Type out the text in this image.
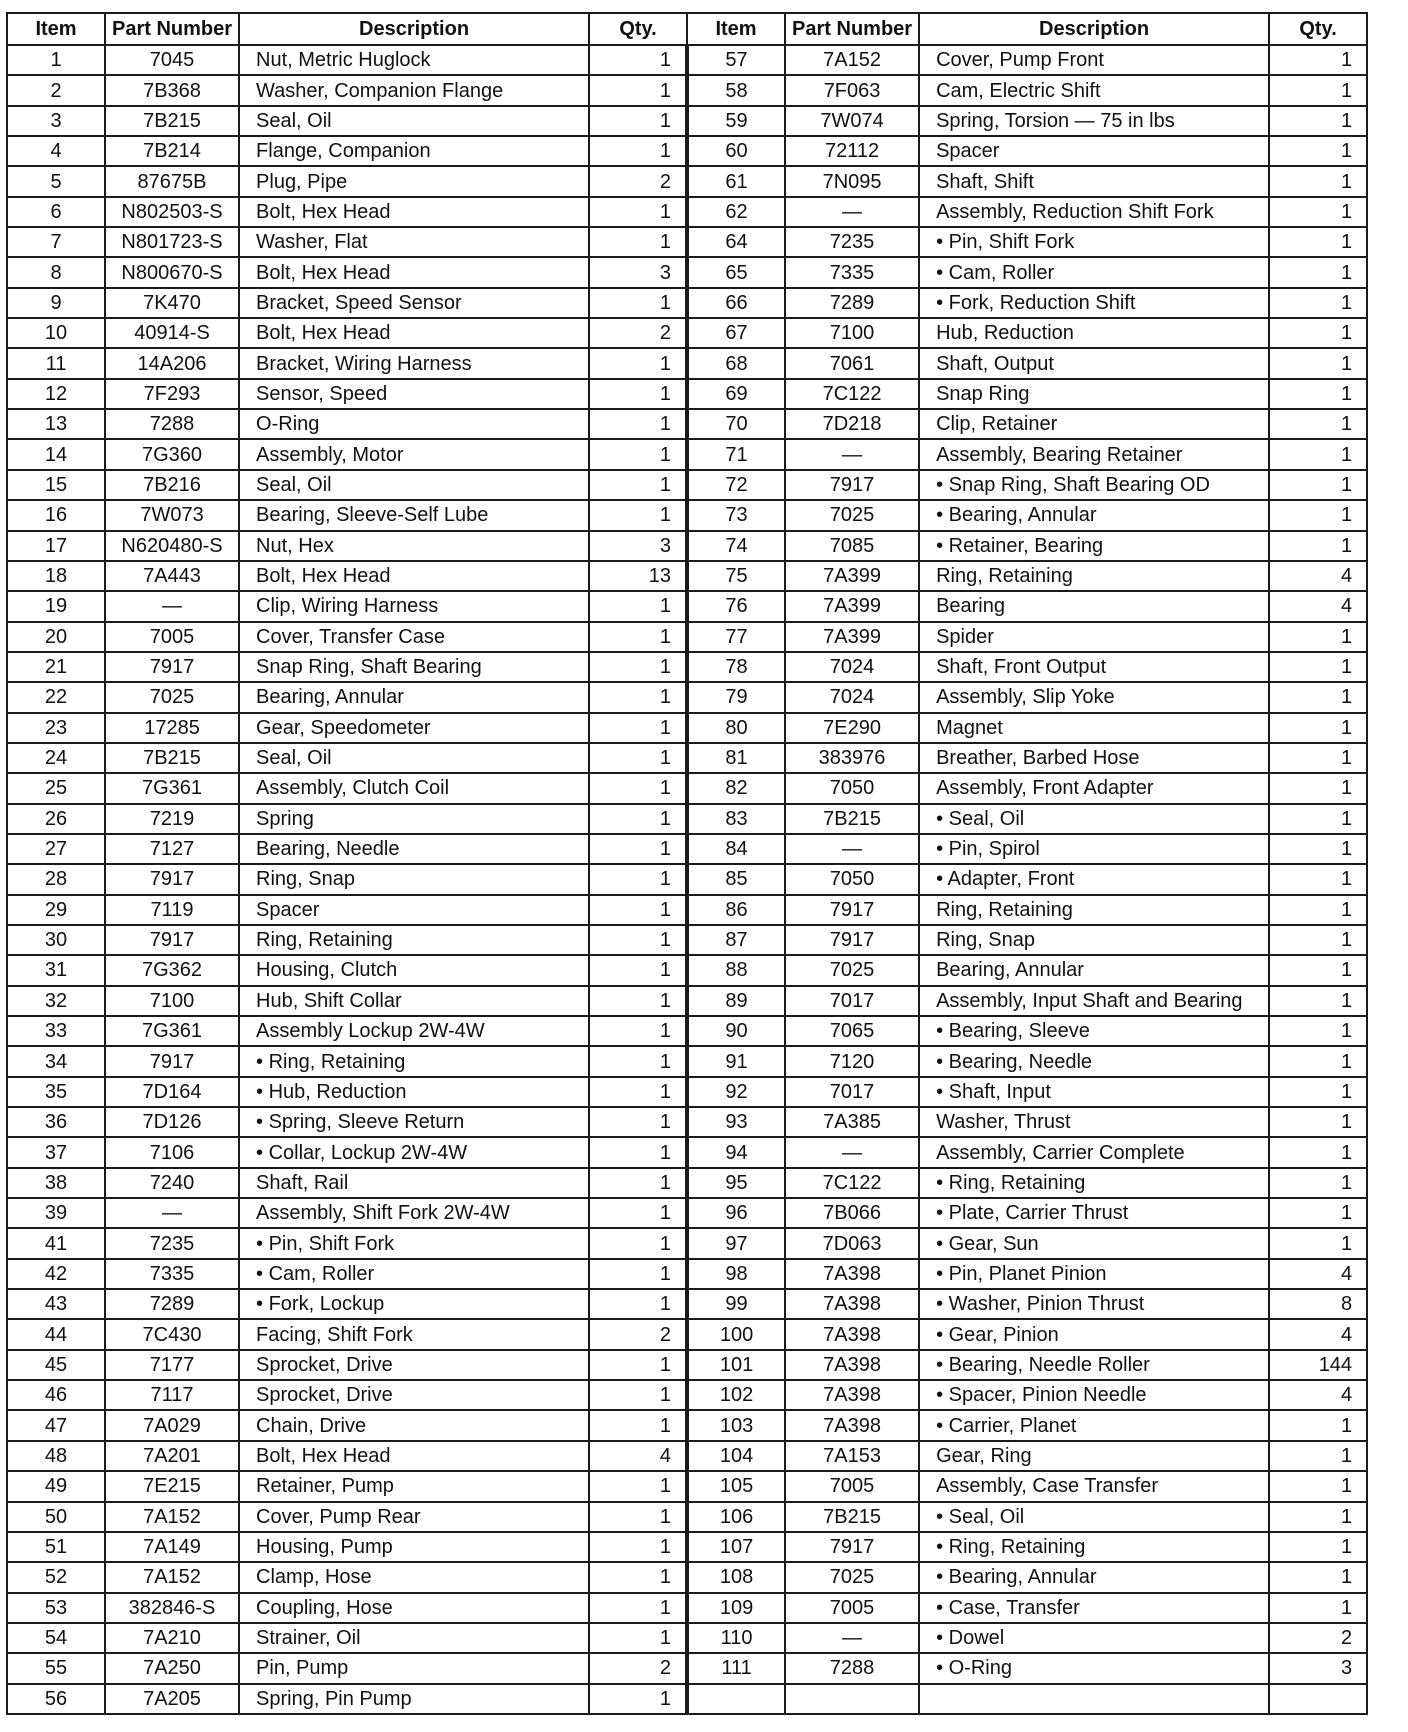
Item	Part Number	Description	Qty.	Item	Part Number	Description	Qty.
1	7045	Nut, Metric Huglock	1	57	7A152	Cover, Pump Front	1
2	7B368	Washer, Companion Flange	1	58	7F063	Cam, Electric Shift	1
3	7B215	Seal, Oil	1	59	7W074	Spring, Torsion — 75 in lbs	1
4	7B214	Flange, Companion	1	60	72112	Spacer	1
5	87675B	Plug, Pipe	2	61	7N095	Shaft, Shift	1
6	N802503-S	Bolt, Hex Head	1	62	—	Assembly, Reduction Shift Fork	1
7	N801723-S	Washer, Flat	1	64	7235	• Pin, Shift Fork	1
8	N800670-S	Bolt, Hex Head	3	65	7335	• Cam, Roller	1
9	7K470	Bracket, Speed Sensor	1	66	7289	• Fork, Reduction Shift	1
10	40914-S	Bolt, Hex Head	2	67	7100	Hub, Reduction	1
11	14A206	Bracket, Wiring Harness	1	68	7061	Shaft, Output	1
12	7F293	Sensor, Speed	1	69	7C122	Snap Ring	1
13	7288	O-Ring	1	70	7D218	Clip, Retainer	1
14	7G360	Assembly, Motor	1	71	—	Assembly, Bearing Retainer	1
15	7B216	Seal, Oil	1	72	7917	• Snap Ring, Shaft Bearing OD	1
16	7W073	Bearing, Sleeve-Self Lube	1	73	7025	• Bearing, Annular	1
17	N620480-S	Nut, Hex	3	74	7085	• Retainer, Bearing	1
18	7A443	Bolt, Hex Head	13	75	7A399	Ring, Retaining	4
19	—	Clip, Wiring Harness	1	76	7A399	Bearing	4
20	7005	Cover, Transfer Case	1	77	7A399	Spider	1
21	7917	Snap Ring, Shaft Bearing	1	78	7024	Shaft, Front Output	1
22	7025	Bearing, Annular	1	79	7024	Assembly, Slip Yoke	1
23	17285	Gear, Speedometer	1	80	7E290	Magnet	1
24	7B215	Seal, Oil	1	81	383976	Breather, Barbed Hose	1
25	7G361	Assembly, Clutch Coil	1	82	7050	Assembly, Front Adapter	1
26	7219	Spring	1	83	7B215	• Seal, Oil	1
27	7127	Bearing, Needle	1	84	—	• Pin, Spirol	1
28	7917	Ring, Snap	1	85	7050	• Adapter, Front	1
29	7119	Spacer	1	86	7917	Ring, Retaining	1
30	7917	Ring, Retaining	1	87	7917	Ring, Snap	1
31	7G362	Housing, Clutch	1	88	7025	Bearing, Annular	1
32	7100	Hub, Shift Collar	1	89	7017	Assembly, Input Shaft and Bearing	1
33	7G361	Assembly Lockup 2W-4W	1	90	7065	• Bearing, Sleeve	1
34	7917	• Ring, Retaining	1	91	7120	• Bearing, Needle	1
35	7D164	• Hub, Reduction	1	92	7017	• Shaft, Input	1
36	7D126	• Spring, Sleeve Return	1	93	7A385	Washer, Thrust	1
37	7106	• Collar, Lockup 2W-4W	1	94	—	Assembly, Carrier Complete	1
38	7240	Shaft, Rail	1	95	7C122	• Ring, Retaining	1
39	—	Assembly, Shift Fork 2W-4W	1	96	7B066	• Plate, Carrier Thrust	1
41	7235	• Pin, Shift Fork	1	97	7D063	• Gear, Sun	1
42	7335	• Cam, Roller	1	98	7A398	• Pin, Planet Pinion	4
43	7289	• Fork, Lockup	1	99	7A398	• Washer, Pinion Thrust	8
44	7C430	Facing, Shift Fork	2	100	7A398	• Gear, Pinion	4
45	7177	Sprocket, Drive	1	101	7A398	• Bearing, Needle Roller	144
46	7117	Sprocket, Drive	1	102	7A398	• Spacer, Pinion Needle	4
47	7A029	Chain, Drive	1	103	7A398	• Carrier, Planet	1
48	7A201	Bolt, Hex Head	4	104	7A153	Gear, Ring	1
49	7E215	Retainer, Pump	1	105	7005	Assembly, Case Transfer	1
50	7A152	Cover, Pump Rear	1	106	7B215	• Seal, Oil	1
51	7A149	Housing, Pump	1	107	7917	• Ring, Retaining	1
52	7A152	Clamp, Hose	1	108	7025	• Bearing, Annular	1
53	382846-S	Coupling, Hose	1	109	7005	• Case, Transfer	1
54	7A210	Strainer, Oil	1	110	—	• Dowel	2
55	7A250	Pin, Pump	2	111	7288	• O-Ring	3
56	7A205	Spring, Pin Pump	1				
